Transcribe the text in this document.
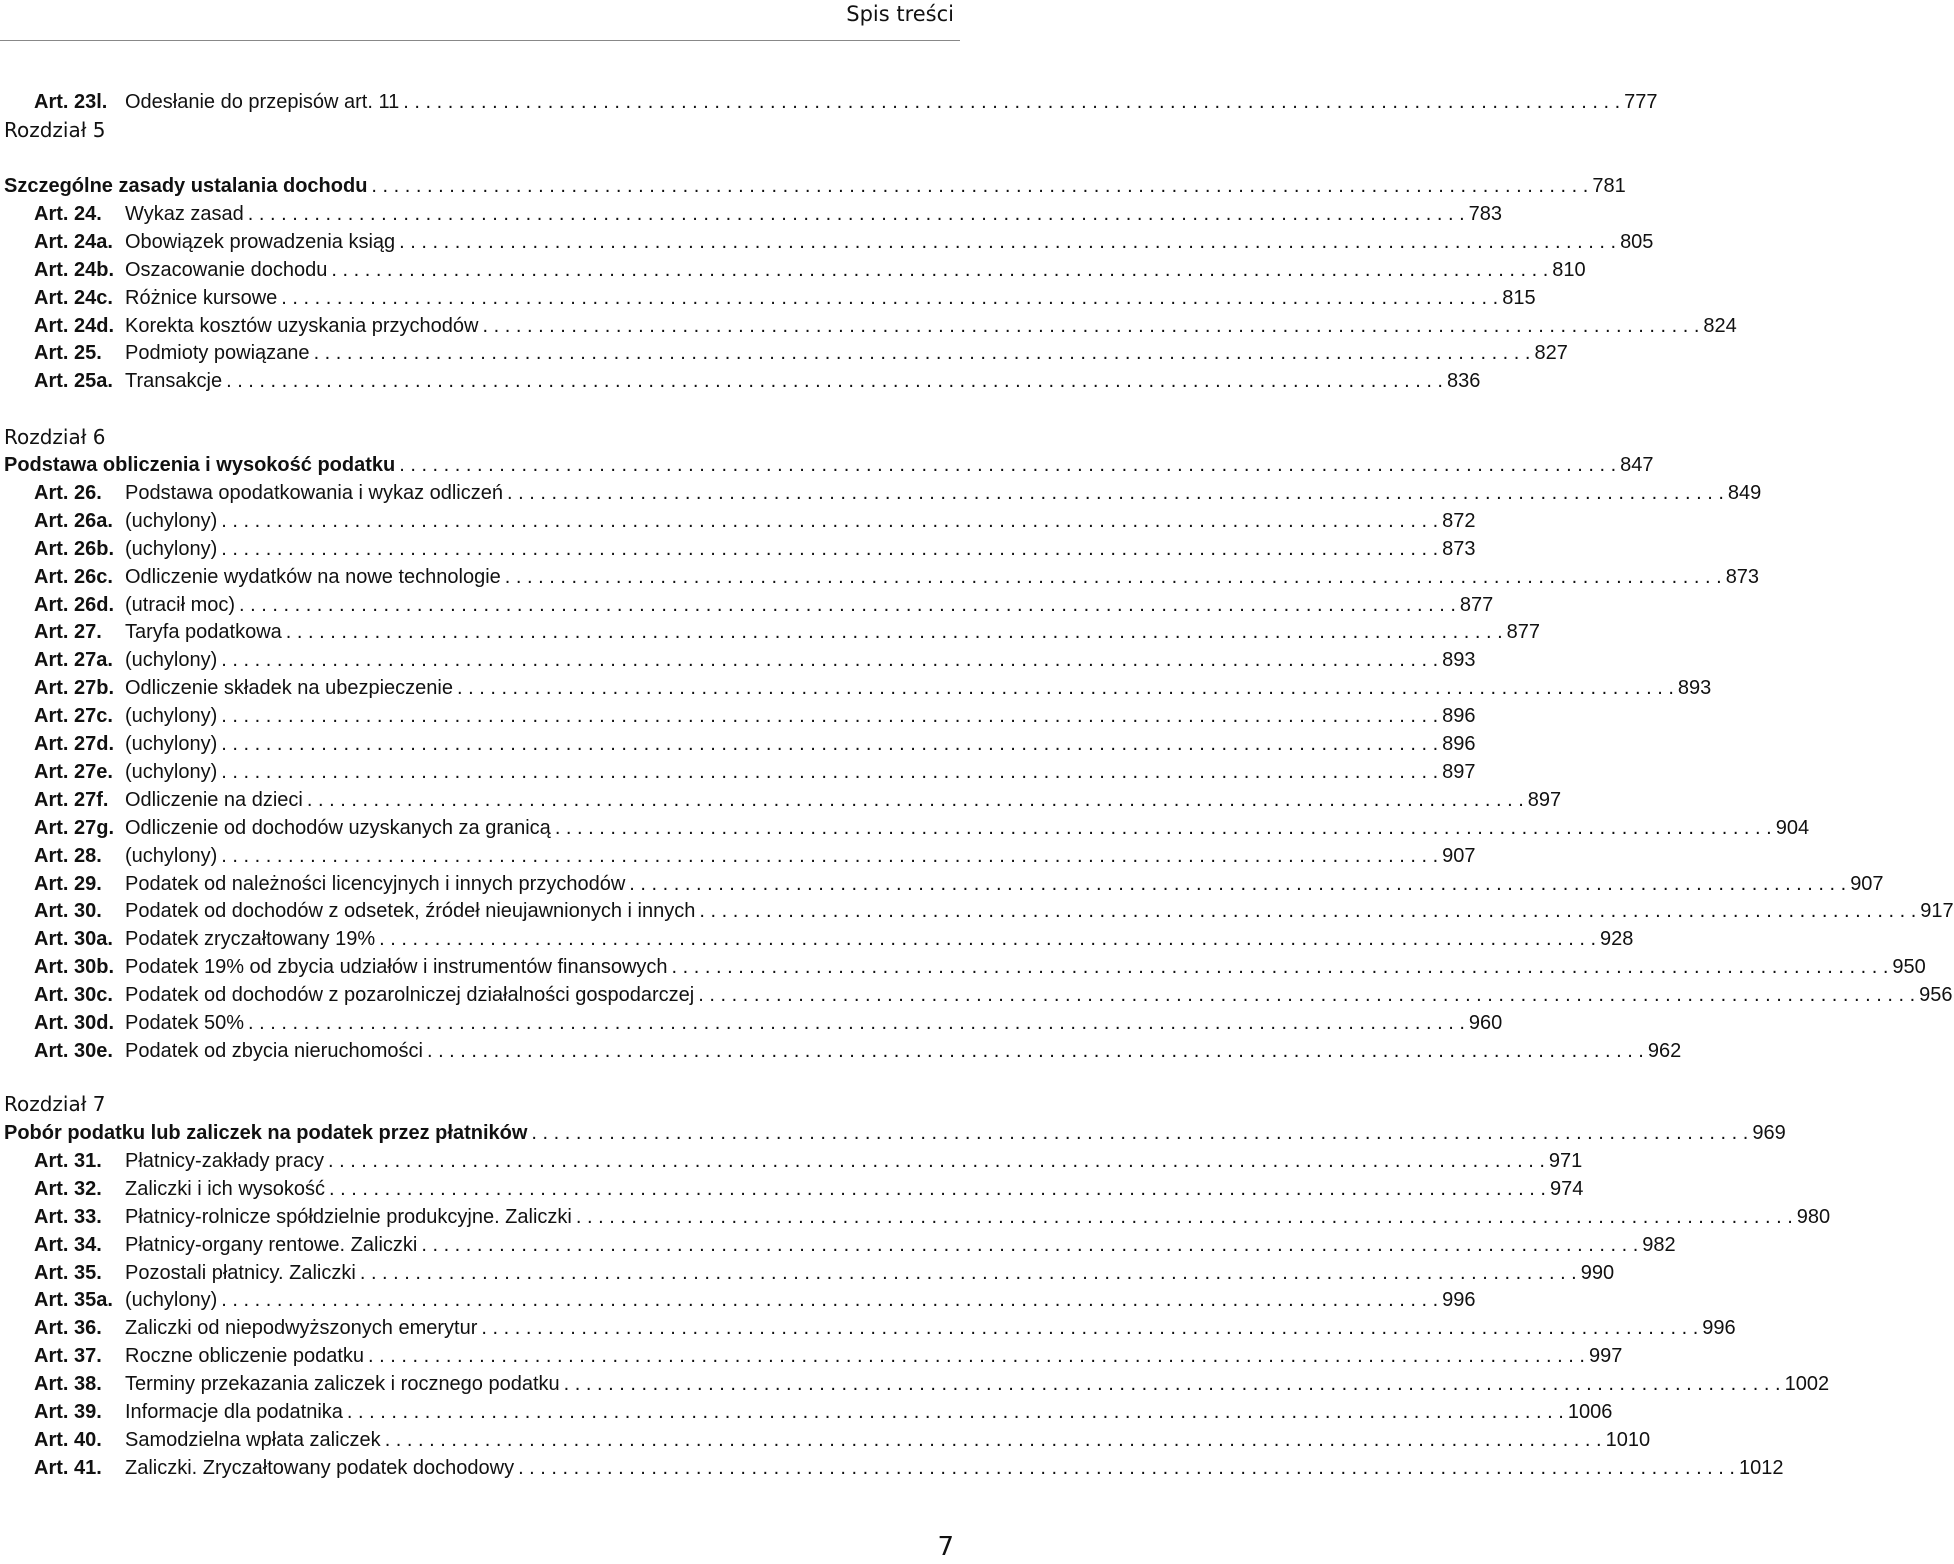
Spis treści
Art. 23l. Odesłanie do przepisów art. 11 . . .	777
Rozdział 5
Szczególne zasady ustalania dochodu . . .	781
Art. 24.	Wykaz zasad . . .	783
Art. 24a. Obowiązek prowadzenia ksiąg . . .	805
Art. 24b. Oszacowanie dochodu . . .	810
Art. 24c. Różnice kursowe . . .	815
Art. 24d. Korekta kosztów uzyskania przychodów . . .	824
Art. 25.	Podmioty powiązane . . .	827
Art. 25a. Transakcje . . .	836
Rozdział 6
Podstawa obliczenia i wysokość podatku . . .	847
Art. 26.	Podstawa opodatkowania i wykaz odliczeń . . .	849
Art. 26a. (uchylony) . . .	872
Art. 26b. (uchylony) . . .	873
Art. 26c. Odliczenie wydatków na nowe technologie . . .	873
Art. 26d. (utracił moc) . . .	877
Art. 27.	Taryfa podatkowa . . .	877
Art. 27a. (uchylony) . . .	893
Art. 27b. Odliczenie składek na ubezpieczenie . . .	893
Art. 27c. (uchylony) . . .	896
Art. 27d. (uchylony) . . .	896
Art. 27e. (uchylony) . . .	897
Art. 27f. Odliczenie na dzieci . . .	897
Art. 27g. Odliczenie od dochodów uzyskanych za granicą . . .	904
Art. 28.	(uchylony) . . .	907
Art. 29.	Podatek od należności licencyjnych i innych przychodów . . .	907
Art. 30.	Podatek od dochodów z odsetek, źródeł nieujawnionych i innych . . .	917
Art. 30a. Podatek zryczałtowany 19% . . .	928
Art. 30b. Podatek 19% od zbycia udziałów i instrumentów finansowych . . .	950
Art. 30c. Podatek od dochodów z pozarolniczej działalności gospodarczej . . .	956
Art. 30d. Podatek 50% . . .	960
Art. 30e. Podatek od zbycia nieruchomości . . .	962
Rozdział 7
Pobór podatku lub zaliczek na podatek przez płatników . . .	969
Art. 31.	Płatnicy-zakłady pracy . . .	971
Art. 32.	Zaliczki i ich wysokość . . .	974
Art. 33.	Płatnicy-rolnicze spółdzielnie produkcyjne. Zaliczki . . .	980
Art. 34.	Płatnicy-organy rentowe. Zaliczki . . .	982
Art. 35.	Pozostali płatnicy. Zaliczki . . .	990
Art. 35a. (uchylony) . . .	996
Art. 36.	Zaliczki od niepodwyższonych emerytur . . .	996
Art. 37.	Roczne obliczenie podatku . . .	997
Art. 38.	Terminy przekazania zaliczek i rocznego podatku . . .	1002
Art. 39.	Informacje dla podatnika . . .	1006
Art. 40.	Samodzielna wpłata zaliczek . . .	1010
Art. 41.	Zaliczki. Zryczałtowany podatek dochodowy . . .	1012
7
